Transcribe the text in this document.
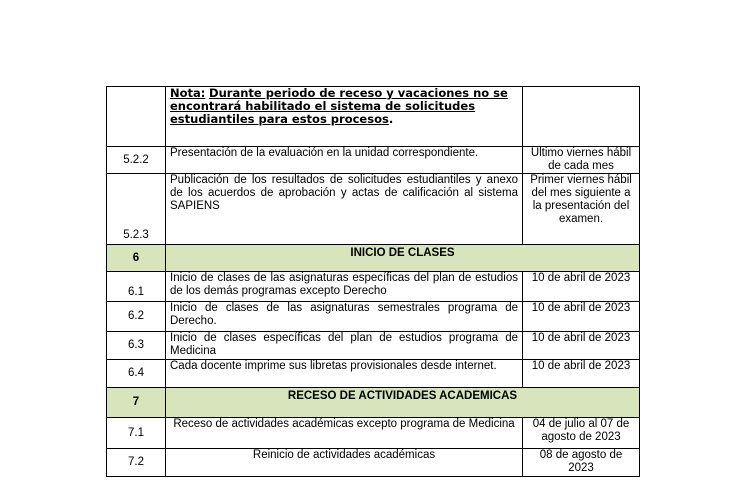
	Nota: Durante periodo de receso y vacaciones no se encontrará habilitado el sistema de solicitudes estudiantiles para estos procesos.	
5.2.2	Presentación de la evaluación en la unidad correspondiente.	Ultimo viernes hábil de cada mes
5.2.3	Publicación de los resultados de solicitudes estudiantiles y anexo de los acuerdos de aprobación y actas de calificación al sistema SAPIENS	Primer viernes hábil del mes siguiente a la presentación del examen.
6	INICIO DE CLASES	
6.1	Inicio de clases de las asignaturas específicas del plan de estudios de los demás programas excepto Derecho	10 de abril de 2023
6.2	Inicio de clases de las asignaturas semestrales programa de Derecho.	10 de abril de 2023
6.3	Inicio de clases específicas del plan de estudios programa de Medicina	10 de abril de 2023
6.4	Cada docente imprime sus libretas provisionales desde internet.	10 de abril de 2023
7	RECESO DE ACTIVIDADES ACADEMICAS	
7.1	Receso de actividades académicas excepto programa de Medicina	04 de julio al 07 de agosto de 2023
7.2	Reinicio de actividades académicas	08 de agosto de 2023
